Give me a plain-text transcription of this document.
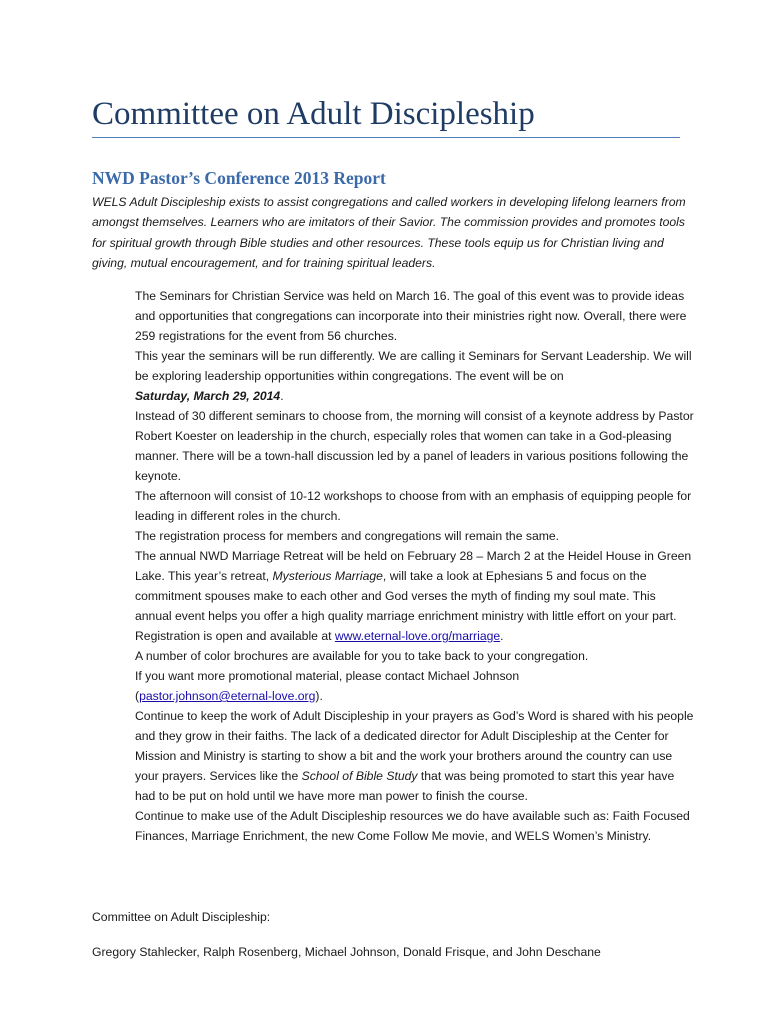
Committee on Adult Discipleship
NWD Pastor’s Conference 2013 Report
WELS Adult Discipleship exists to assist congregations and called workers in developing lifelong learners from amongst themselves. Learners who are imitators of their Savior. The commission provides and promotes tools for spiritual growth through Bible studies and other resources. These tools equip us for Christian living and giving, mutual encouragement, and for training spiritual leaders.

The Seminars for Christian Service was held on March 16. The goal of this event was to provide ideas and opportunities that congregations can incorporate into their ministries right now. Overall, there were 259 registrations for the event from 56 churches.

This year the seminars will be run differently. We are calling it Seminars for Servant Leadership. We will be exploring leadership opportunities within congregations. The event will be on
Saturday, March 29, 2014.

Instead of 30 different seminars to choose from, the morning will consist of a keynote address by Pastor Robert Koester on leadership in the church, especially roles that women can take in a God-pleasing manner. There will be a town-hall discussion led by a panel of leaders in various positions following the keynote.

The afternoon will consist of 10-12 workshops to choose from with an emphasis of equipping people for leading in different roles in the church.

The registration process for members and congregations will remain the same.

The annual NWD Marriage Retreat will be held on February 28 – March 2 at the Heidel House in Green Lake. This year’s retreat, Mysterious Marriage, will take a look at Ephesians 5 and focus on the commitment spouses make to each other and God verses the myth of finding my soul mate. This annual event helps you offer a high quality marriage enrichment ministry with little effort on your part.

Registration is open and available at www.eternal-love.org/marriage.

A number of color brochures are available for you to take back to your congregation.

If you want more promotional material, please contact Michael Johnson

(pastor.johnson@eternal-love.org).

Continue to keep the work of Adult Discipleship in your prayers as God’s Word is shared with his people and they grow in their faiths. The lack of a dedicated director for Adult Discipleship at the Center for Mission and Ministry is starting to show a bit and the work your brothers around the country can use your prayers. Services like the School of Bible Study that was being promoted to start this year have had to be put on hold until we have more man power to finish the course.

Continue to make use of the Adult Discipleship resources we do have available such as: Faith Focused Finances, Marriage Enrichment, the new Come Follow Me movie, and WELS Women’s Ministry.

Committee on Adult Discipleship:
Gregory Stahlecker, Ralph Rosenberg, Michael Johnson, Donald Frisque, and John Deschane
